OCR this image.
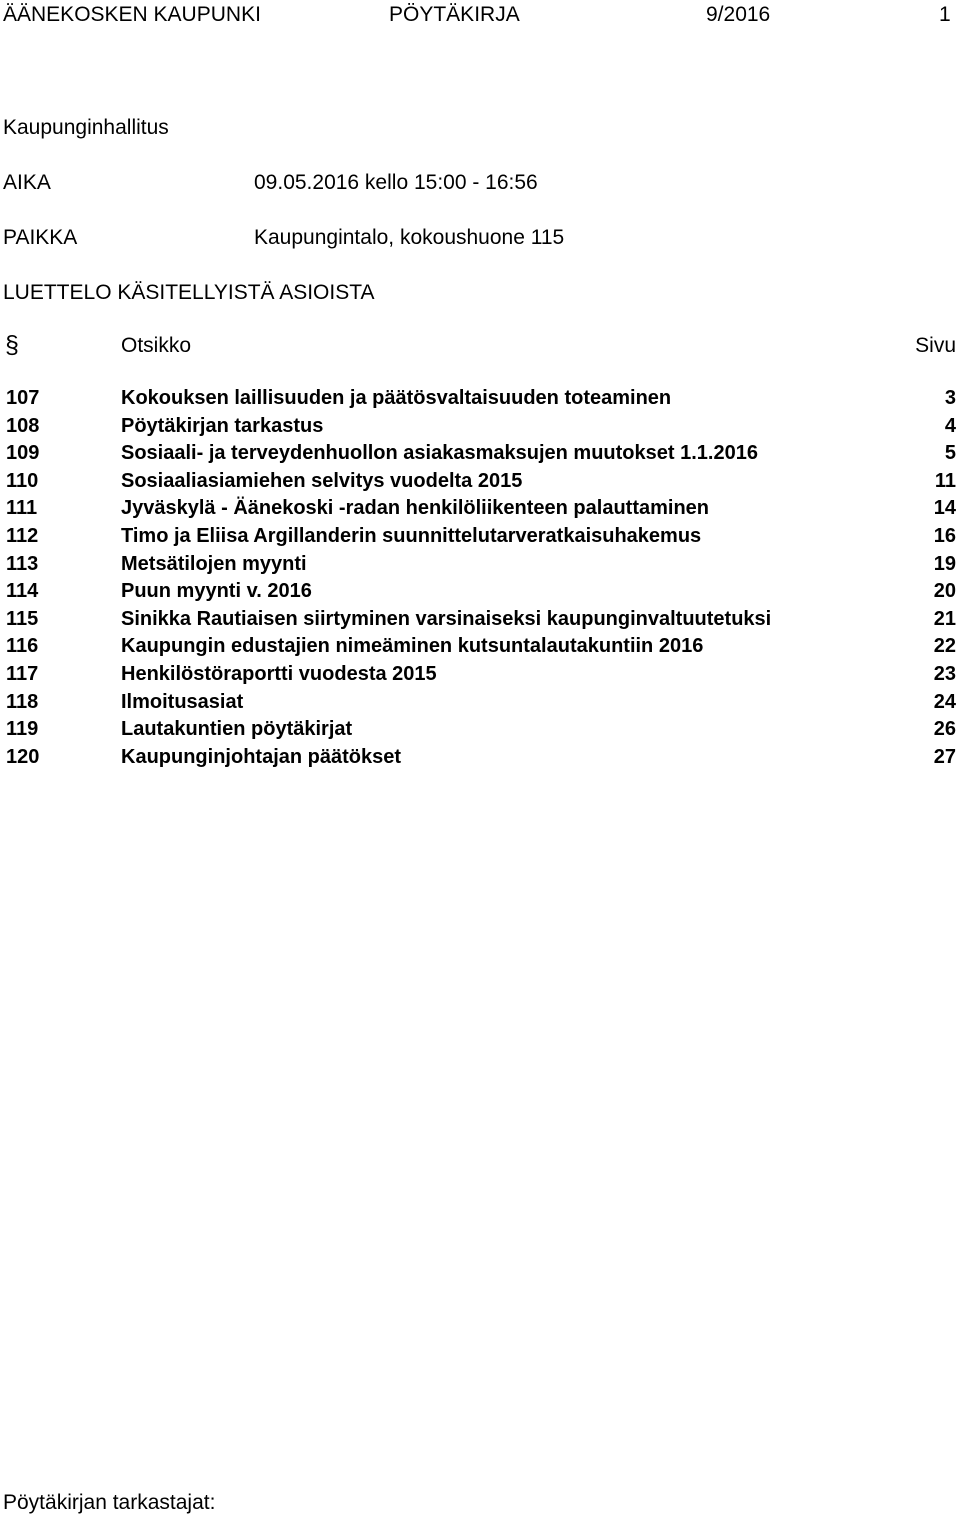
ÄÄNEKOSKEN KAUPUNKI	PÖYTÄKIRJA	9/2016	1
Kaupunginhallitus
AIKA	09.05.2016 kello 15:00 - 16:56
PAIKKA	Kaupungintalo, kokoushuone 115
LUETTELO KÄSITELLYISTÄ ASIOISTA
§	Otsikko	Sivu
107	Kokouksen laillisuuden ja päätösvaltaisuuden toteaminen	3
108	Pöytäkirjan tarkastus	4
109	Sosiaali- ja terveydenhuollon asiakasmaksujen muutokset 1.1.2016	5
110	Sosiaaliasiamiehen selvitys vuodelta 2015	11
111	Jyväskylä - Äänekoski -radan henkilöliikenteen palauttaminen	14
112	Timo ja Eliisa Argillanderin suunnittelutarveratkaisuhakemus	16
113	Metsätilojen myynti	19
114	Puun myynti v. 2016	20
115	Sinikka Rautiaisen siirtyminen varsinaiseksi kaupunginvaltuutetuksi	21
116	Kaupungin edustajien nimeäminen kutsuntalautakuntiin 2016	22
117	Henkilöstöraportti vuodesta 2015	23
118	Ilmoitusasiat	24
119	Lautakuntien pöytäkirjat	26
120	Kaupunginjohtajan päätökset	27
Pöytäkirjan tarkastajat:
